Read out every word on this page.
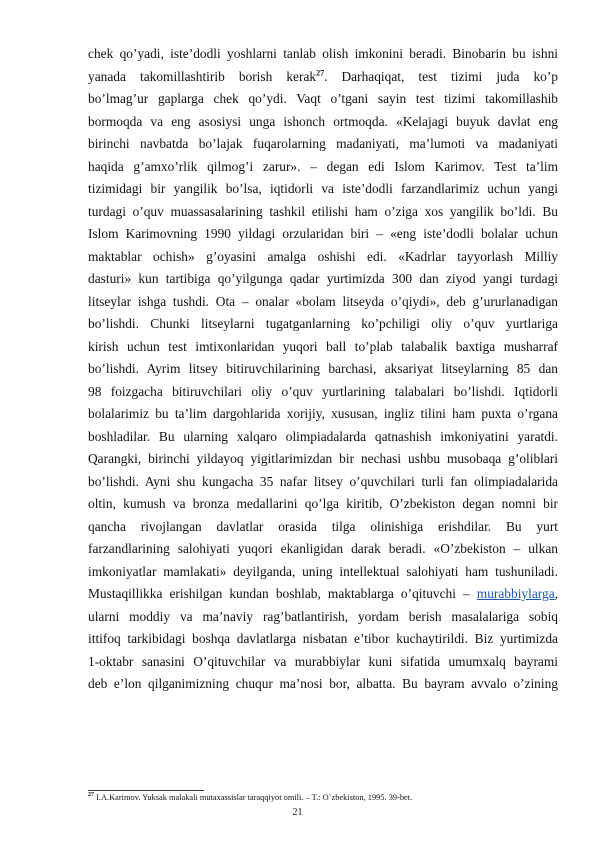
chek qo’yadi, iste’dodli yoshlarni tanlab olish imkonini beradi. Binobarin bu ishni
yanada takomillashtirib borish kerak$^{27}$. Darhaqiqat, test tizimi juda ko’p
bo’lmag’ur gaplarga chek qo’ydi. Vaqt o’tgani sayin test tizimi takomillashib
bormoqda va eng asosiysi unga ishonch ortmoqda. «Kelajagi buyuk davlat eng
birinchi navbatda bo’lajak fuqarolarning madaniyati, ma’lumoti va madaniyati
haqida g’amxo’rlik qilmog’i zarur». – degan edi Islom Karimov. Test ta’lim
tizimidagi bir yangilik bo’lsa, iqtidorli va iste’dodli farzandlarimiz uchun yangi
turdagi o’quv muassasalarining tashkil etilishi ham o’ziga xos yangilik bo’ldi. Bu
Islom Karimovning 1990 yildagi orzularidan biri – «eng iste’dodli bolalar uchun
maktablar ochish» g’oyasini amalga oshishi edi. «Kadrlar tayyorlash Milliy
dasturi» kun tartibiga qo’yilgunga qadar yurtimizda 300 dan ziyod yangi turdagi
litseylar ishga tushdi. Ota – onalar «bolam litseyda o’qiydi», deb g’ururlanadigan
bo’lishdi. Chunki litseylarni tugatganlarning ko’pchiligi oliy o’quv yurtlariga
kirish uchun test imtixonlaridan yuqori ball to’plab talabalik baxtiga musharraf
bo’lishdi. Ayrim litsey bitiruvchilarining barchasi, aksariyat litseylarning 85 dan
98 foizgacha bitiruvchilari oliy o’quv yurtlarining talabalari bo’lishdi. Iqtidorli
bolalarimiz bu ta’lim dargohlarida xorijiy, xususan, ingliz tilini ham puxta o’rgana
boshladilar. Bu ularning xalqaro olimpiadalarda qatnashish imkoniyatini yaratdi.
Qarangki, birinchi yildayoq yigitlarimizdan bir nechasi ushbu musobaqa g’oliblari
bo’lishdi. Ayni shu kungacha 35 nafar litsey o’quvchilari turli fan olimpiadalarida
oltin, kumush va bronza medallarini qo’lga kiritib, O’zbekiston degan nomni bir
qancha rivojlangan davlatlar orasida tilga olinishiga erishdilar. Bu yurt
farzandlarining salohiyati yuqori ekanligidan darak beradi. «O’zbekiston – ulkan
imkoniyatlar mamlakati» deyilganda, uning intellektual salohiyati ham tushuniladi.
Mustaqillikka erishilgan kundan boshlab, maktablarga o’qituvchi – murabbiylarga,
ularni moddiy va ma’naviy rag’batlantirish, yordam berish masalalariga sobiq
ittifoq tarkibidagi boshqa davlatlarga nisbatan e’tibor kuchaytirildi. Biz yurtimizda
1-oktabr sanasini O’qituvchilar va murabbiylar kuni sifatida umumxalq bayrami
deb e’lon qilganimizning chuqur ma’nosi bor, albatta. Bu bayram avvalo o’zining
$^{27}$ I.A.Karimov. Yuksak malakali mutaxassislar taraqqiyot omili. – T.: O`zbekiston, 1995. 39-bet.
21
